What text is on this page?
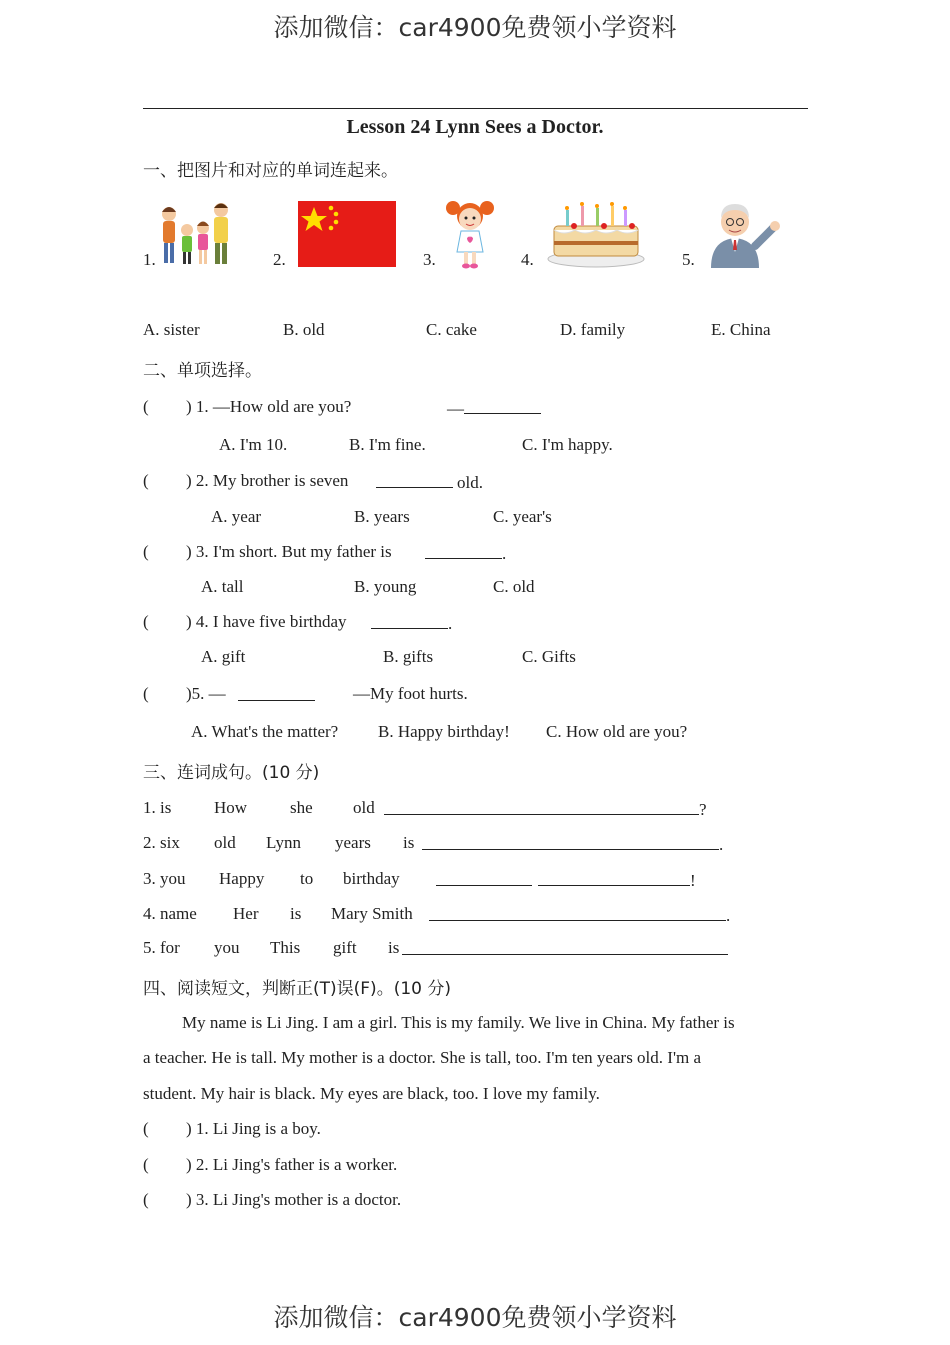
添加微信：car4900免费领小学资料
添加微信：car4900免费领小学资料
Lesson 24 Lynn Sees a Doctor.
一、把图片和对应的单词连起来。
1.	2.	3.	4.	5.
A. sister	B. old	C. cake	D. family	E. China
二、单项选择。
( ) 1. —How old are you?	—
A. I'm 10.	B. I'm fine.	C. I'm happy.
( ) 2. My brother is seven	old.
A. year	B. years	C. year's
( ) 3. I'm short. But my father is	.
A. tall	B. young	C. old
( ) 4. I have five birthday	.
A. gift	B. gifts	C. Gifts
( )5. —	—My foot hurts.
A. What's the matter? B. Happy birthday! C. How old are you?
三、连词成句。(10 分)
1. is	How	she old	?
2. six old Lynn years is	.
3. you Happy to birthday	!
4. name Her is Mary Smith	.
5. for you This gift is
四、阅读短文，判断正(T)误(F)。(10 分)
My name is Li Jing. I am a girl. This is my family. We live in China. My father is
a teacher. He is tall. My mother is a doctor. She is tall, too. I'm ten years old. I'm a
student. My hair is black. My eyes are black, too. I love my family.
( ) 1. Li Jing is a boy.
( ) 2. Li Jing's father is a worker.
( ) 3. Li Jing's mother is a doctor.
